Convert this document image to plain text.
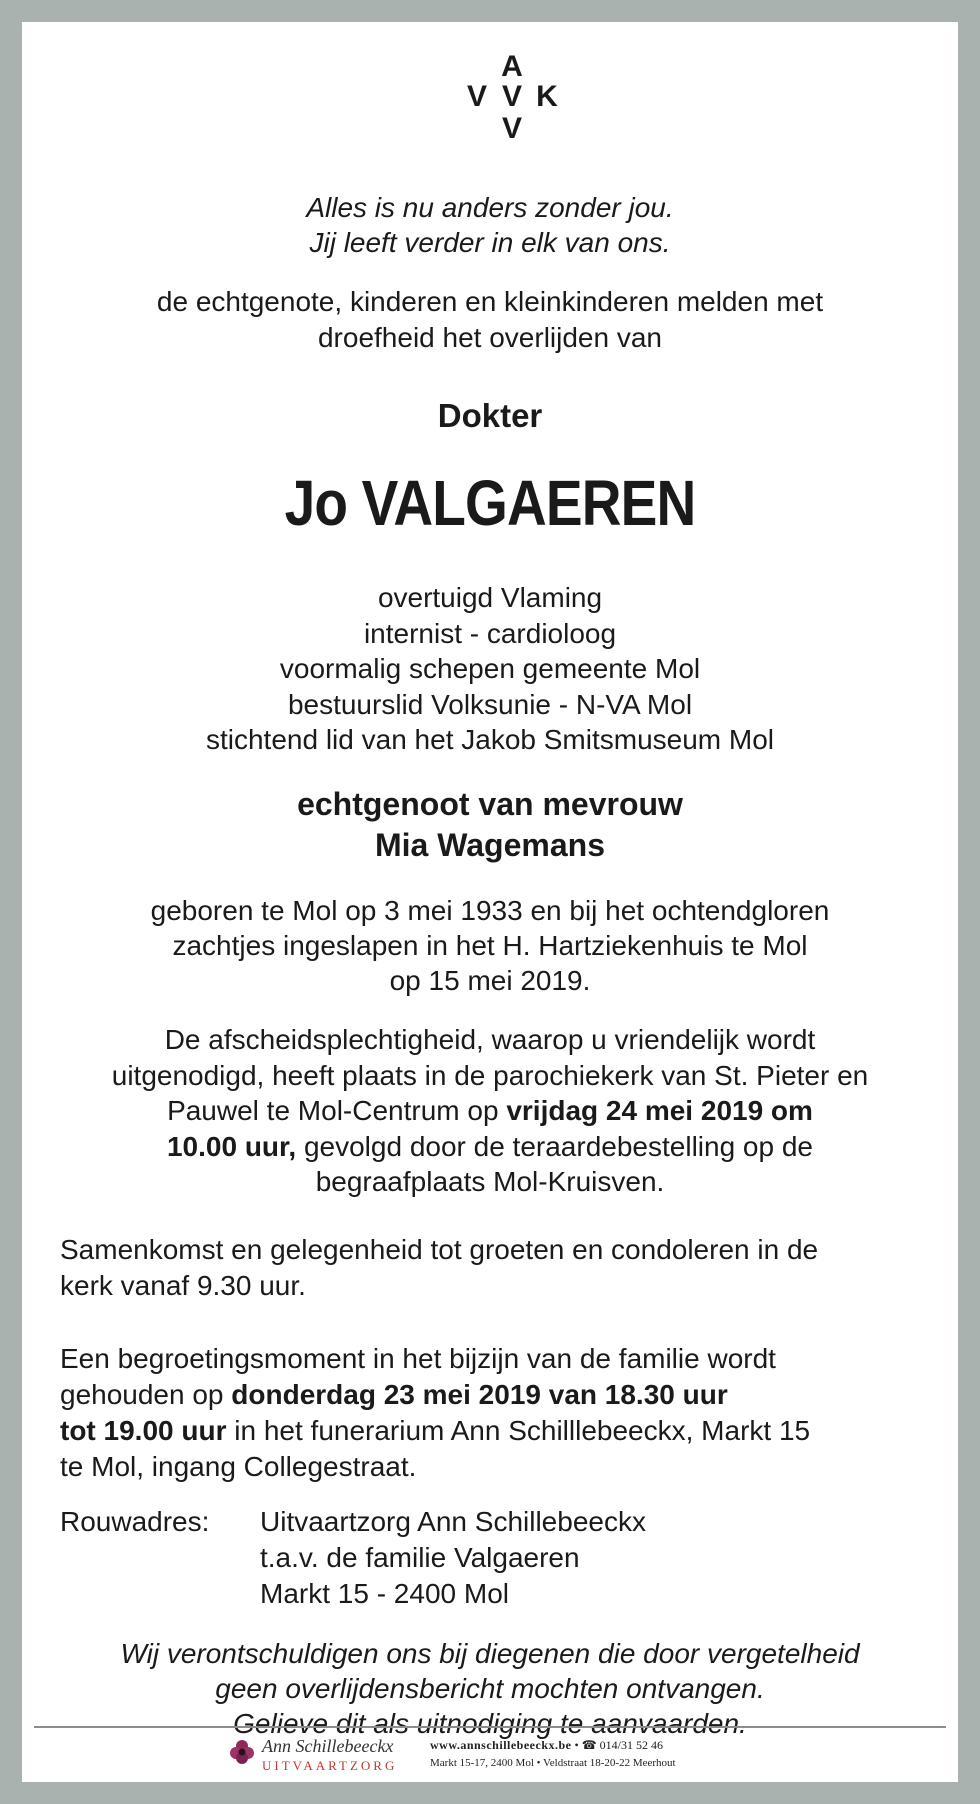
A
V V K
V
Alles is nu anders zonder jou.
Jij leeft verder in elk van ons.
de echtgenote, kinderen en kleinkinderen melden met
droefheid het overlijden van
Dokter
Jo VALGAEREN
overtuigd Vlaming
internist - cardioloog
voormalig schepen gemeente Mol
bestuurslid Volksunie - N-VA Mol
stichtend lid van het Jakob Smitsmuseum Mol
echtgenoot van mevrouw
Mia Wagemans
geboren te Mol op 3 mei 1933 en bij het ochtendgloren
zachtjes ingeslapen in het H. Hartziekenhuis te Mol
op 15 mei 2019.
De afscheidsplechtigheid, waarop u vriendelijk wordt
uitgenodigd, heeft plaats in de parochiekerk van St. Pieter en
Pauwel te Mol-Centrum op vrijdag 24 mei 2019 om
10.00 uur, gevolgd door de teraardebestelling op de
begraafplaats Mol-Kruisven.
Samenkomst en gelegenheid tot groeten en condoleren in de
kerk vanaf 9.30 uur.
Een begroetingsmoment in het bijzijn van de familie wordt
gehouden op donderdag 23 mei 2019 van 18.30 uur
tot 19.00 uur in het funerarium Ann Schilllebeeckx, Markt 15
te Mol, ingang Collegestraat.
Rouwadres: Uitvaartzorg Ann Schillebeeckx
t.a.v. de familie Valgaeren
Markt 15 - 2400 Mol
Wij verontschuldigen ons bij diegenen die door vergetelheid
geen overlijdensbericht mochten ontvangen.
Gelieve dit als uitnodiging te aanvaarden.
Ann Schillebeeckx
UITVAARTZORG
www.annschillebeeckx.be • ☎ 014/31 52 46
Markt 15-17, 2400 Mol • Veldstraat 18-20-22 Meerhout
